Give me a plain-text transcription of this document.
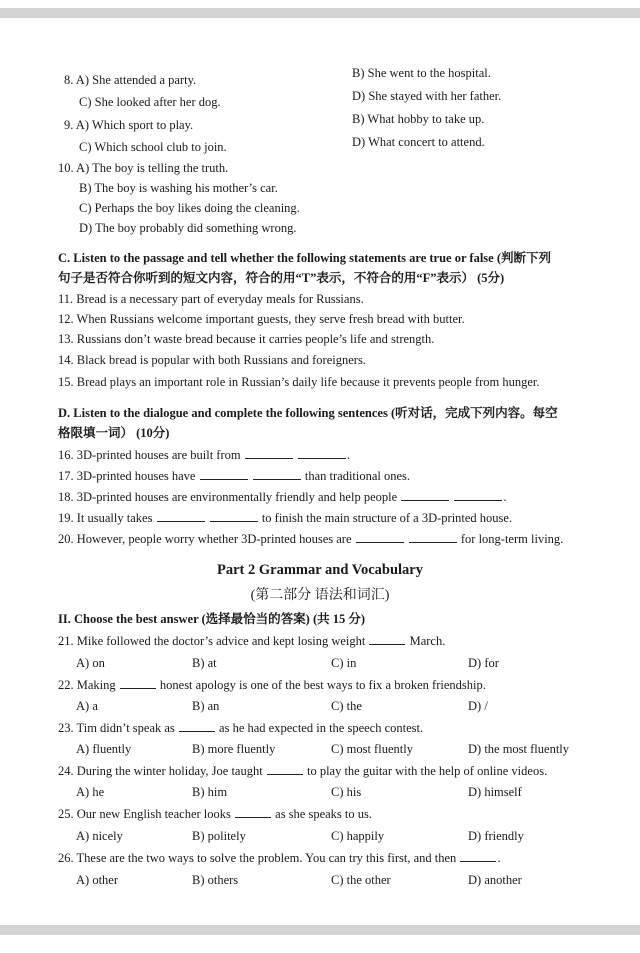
8. A) She attended a party.	B) She went to the hospital.
C) She looked after her dog.	D) She stayed with her father.
9. A) Which sport to play.	B) What hobby to take up.
C) Which school club to join.	D) What concert to attend.
10. A) The boy is telling the truth.
B) The boy is washing his mother’s car.
C) Perhaps the boy likes doing the cleaning.
D) The boy probably did something wrong.
C. Listen to the passage and tell whether the following statements are true or false (判断下列
句子是否符合你听到的短文内容，符合的用“T”表示，不符合的用“F”表示） (5分)
11. Bread is a necessary part of everyday meals for Russians.
12. When Russians welcome important guests, they serve fresh bread with butter.
13. Russians don’t waste bread because it carries people’s life and strength.
14. Black bread is popular with both Russians and foreigners.
15. Bread plays an important role in Russian’s daily life because it prevents people from hunger.
D. Listen to the dialogue and complete the following sentences (听对话，完成下列内容。每空
格限填一词） (10分)
16. 3D-printed houses are built from	.
17. 3D-printed houses have	than traditional ones.
18. 3D-printed houses are environmentally friendly and help people	.
19. It usually takes	to finish the main structure of a 3D-printed house.
20. However, people worry whether 3D-printed houses are	for long-term living.
Part 2 Grammar and Vocabulary
(第二部分 语法和词汇)
II. Choose the best answer (选择最恰当的答案) (共 15 分)
21. Mike followed the doctor’s advice and kept losing weight	March.
A) on	B) at	C) in	D) for
22. Making	honest apology is one of the best ways to fix a broken friendship.
A) a	B) an	C) the	D) /
23. Tim didn’t speak as	as he had expected in the speech contest.
A) fluently	B) more fluently	C) most fluently	D) the most fluently
24. During the winter holiday, Joe taught	to play the guitar with the help of online videos.
A) he	B) him	C) his	D) himself
25. Our new English teacher looks	as she speaks to us.
A) nicely	B) politely	C) happily	D) friendly
26. These are the two ways to solve the problem. You can try this first, and then	.
A) other	B) others	C) the other	D) another
